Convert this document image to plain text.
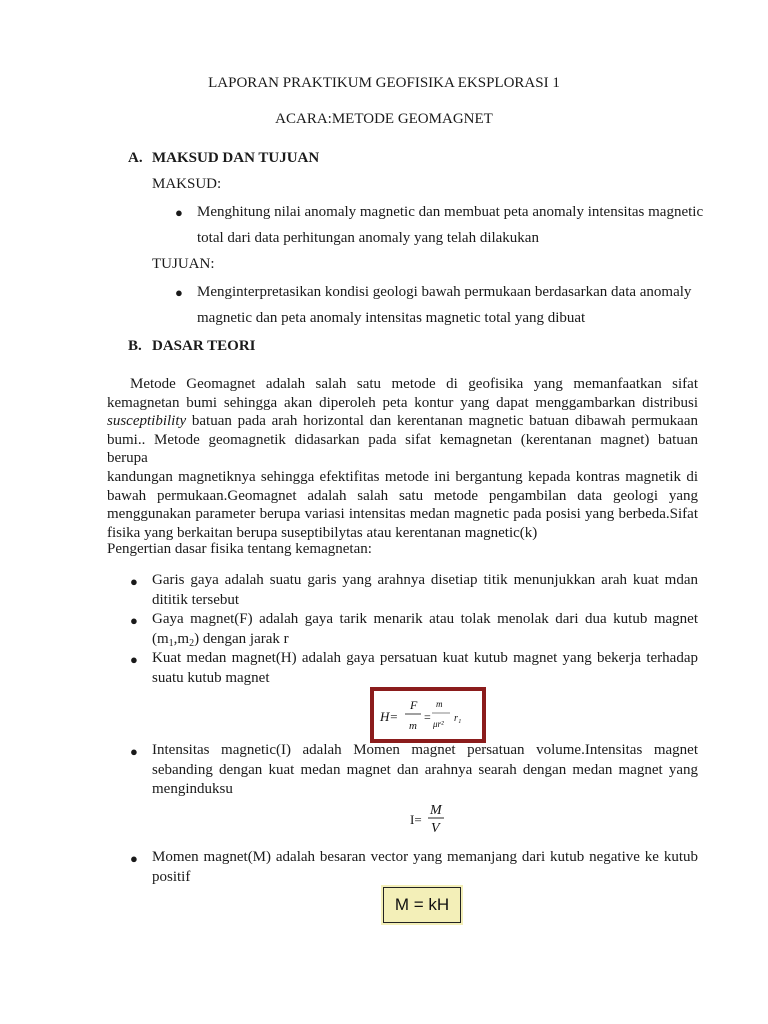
LAPORAN PRAKTIKUM GEOFISIKA EKSPLORASI 1
ACARA:METODE GEOMAGNET
A. MAKSUD DAN TUJUAN
MAKSUD:
● Menghitung nilai anomaly magnetic dan membuat peta anomaly intensitas magnetic
total dari data perhitungan anomaly yang telah dilakukan
TUJUAN:
● Menginterpretasikan kondisi geologi bawah permukaan berdasarkan data anomaly
magnetic dan peta anomaly intensitas magnetic total yang dibuat
B. DASAR TEORI
Metode Geomagnet adalah salah satu metode di geofisika yang memanfaatkan sifat
kemagnetan bumi sehingga akan diperoleh peta kontur yang dapat menggambarkan distribusi
susceptibility batuan pada arah horizontal dan kerentanan magnetic batuan dibawah permukaan
bumi.. Metode geomagnetik didasarkan pada sifat kemagnetan (kerentanan magnet) batuan berupa
kandungan magnetiknya sehingga efektifitas metode ini bergantung kepada kontras magnetik di
bawah permukaan.Geomagnet adalah salah satu metode pengambilan data geologi yang
menggunakan parameter berupa variasi intensitas medan magnetic pada posisi yang berbeda.Sifat
fisika yang berkaitan berupa suseptibilytas atau kerentanan magnetic(k)
Pengertian dasar fisika tentang kemagnetan:
● Garis gaya adalah suatu garis yang arahnya disetiap titik menunjukkan arah kuat mdan
dititik tersebut
● Gaya magnet(F) adalah gaya tarik menarik atau tolak menolak dari dua kutub magnet
$(m_1,m_2)$ dengan jarak r
● Kuat medan magnet(H) adalah gaya persatuan kuat kutub magnet yang bekerja terhadap
suatu kutub magnet
H=
F
m
=
m
μr² r₁
● Intensitas magnetic(I) adalah Momen magnet persatuan volume.Intensitas magnet
sebanding dengan kuat medan magnet dan arahnya searah dengan medan magnet yang
menginduksu
I=
M
V
● Momen magnet(M) adalah besaran vector yang memanjang dari kutub negative ke kutub
positif
M = kH
